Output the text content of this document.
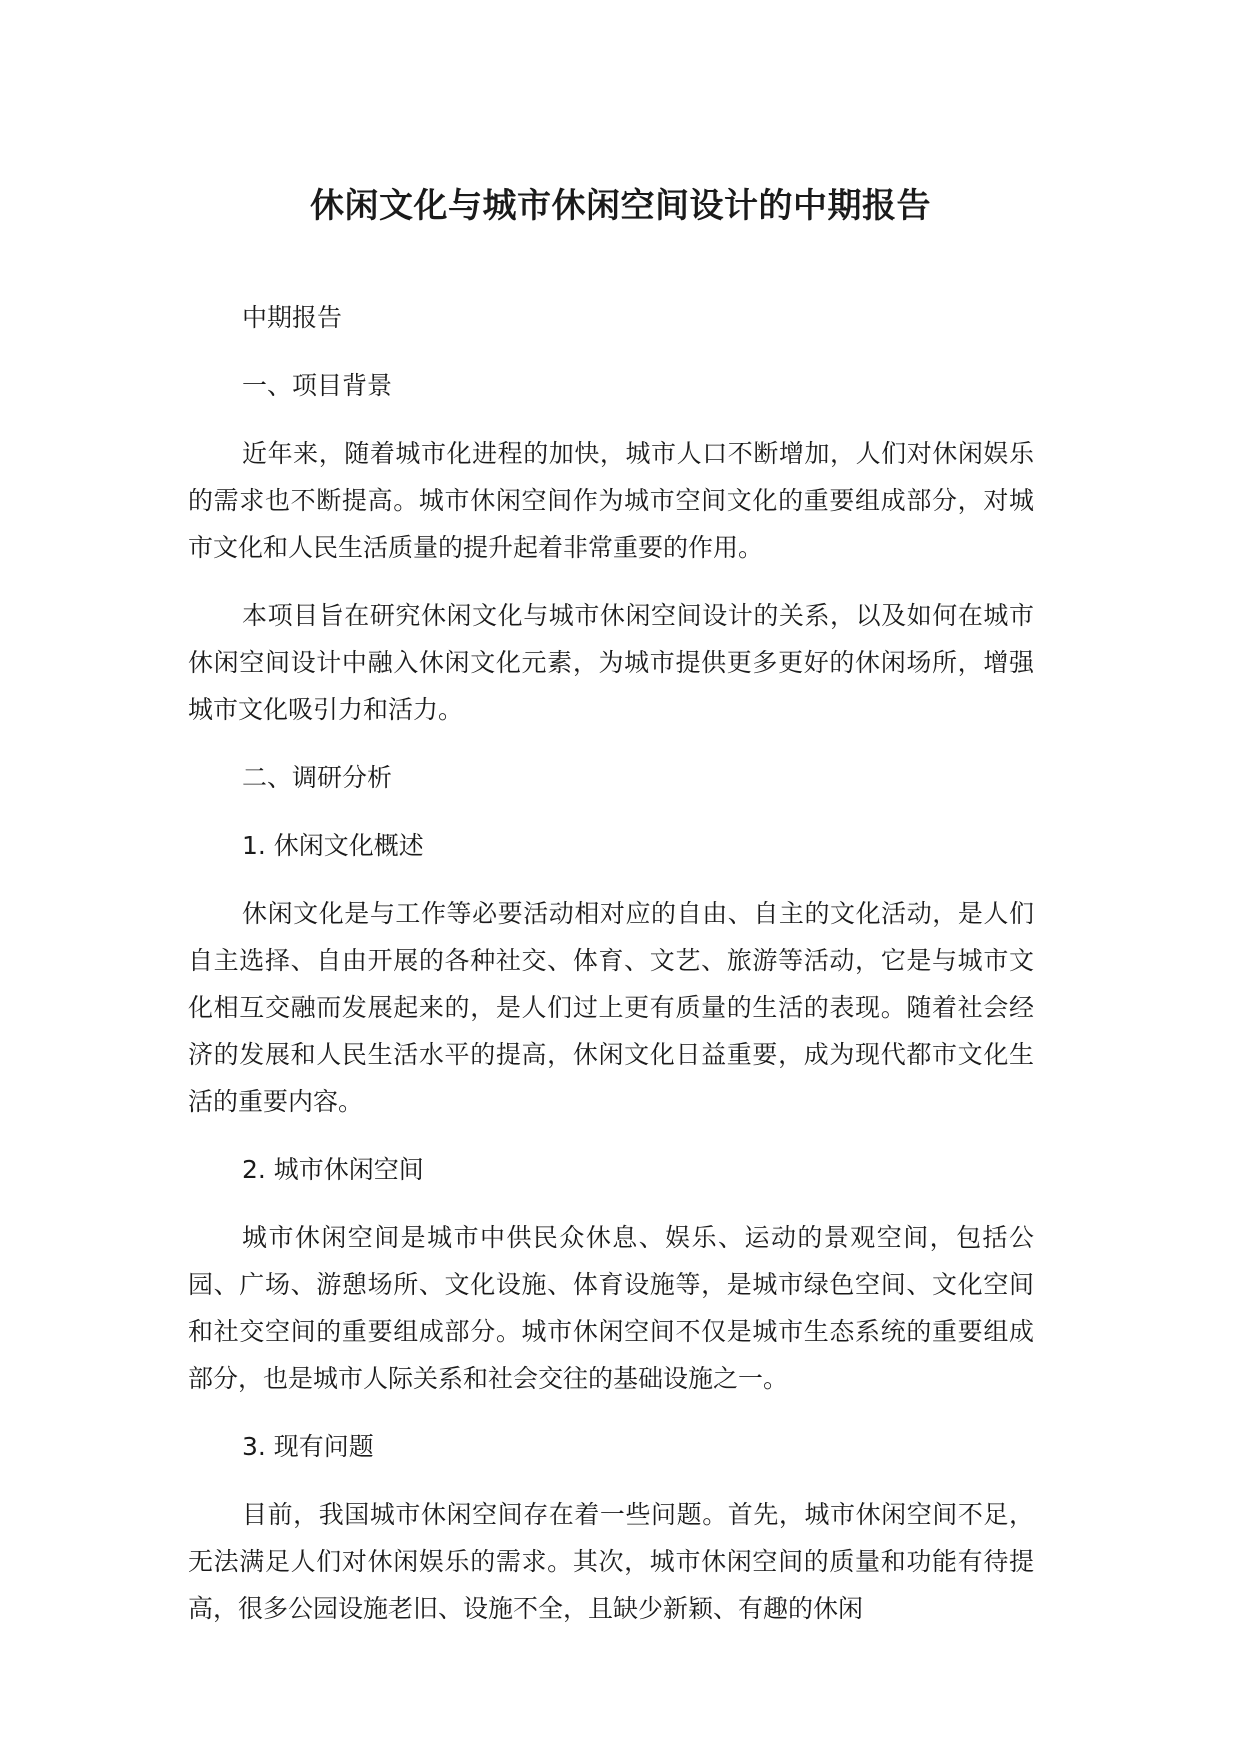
休闲文化与城市休闲空间设计的中期报告

中期报告

一、项目背景

近年来，随着城市化进程的加快，城市人口不断增加，人们对休闲娱乐的需求也不断提高。城市休闲空间作为城市空间文化的重要组成部分，对城市文化和人民生活质量的提升起着非常重要的作用。

本项目旨在研究休闲文化与城市休闲空间设计的关系，以及如何在城市休闲空间设计中融入休闲文化元素，为城市提供更多更好的休闲场所，增强城市文化吸引力和活力。

二、调研分析

1. 休闲文化概述

休闲文化是与工作等必要活动相对应的自由、自主的文化活动，是人们自主选择、自由开展的各种社交、体育、文艺、旅游等活动，它是与城市文化相互交融而发展起来的，是人们过上更有质量的生活的表现。随着社会经济的发展和人民生活水平的提高，休闲文化日益重要，成为现代都市文化生活的重要内容。

2. 城市休闲空间

城市休闲空间是城市中供民众休息、娱乐、运动的景观空间，包括公园、广场、游憩场所、文化设施、体育设施等，是城市绿色空间、文化空间和社交空间的重要组成部分。城市休闲空间不仅是城市生态系统的重要组成部分，也是城市人际关系和社会交往的基础设施之一。

3. 现有问题

目前，我国城市休闲空间存在着一些问题。首先，城市休闲空间不足，无法满足人们对休闲娱乐的需求。其次，城市休闲空间的质量和功能有待提高，很多公园设施老旧、设施不全，且缺少新颖、有趣的休闲
